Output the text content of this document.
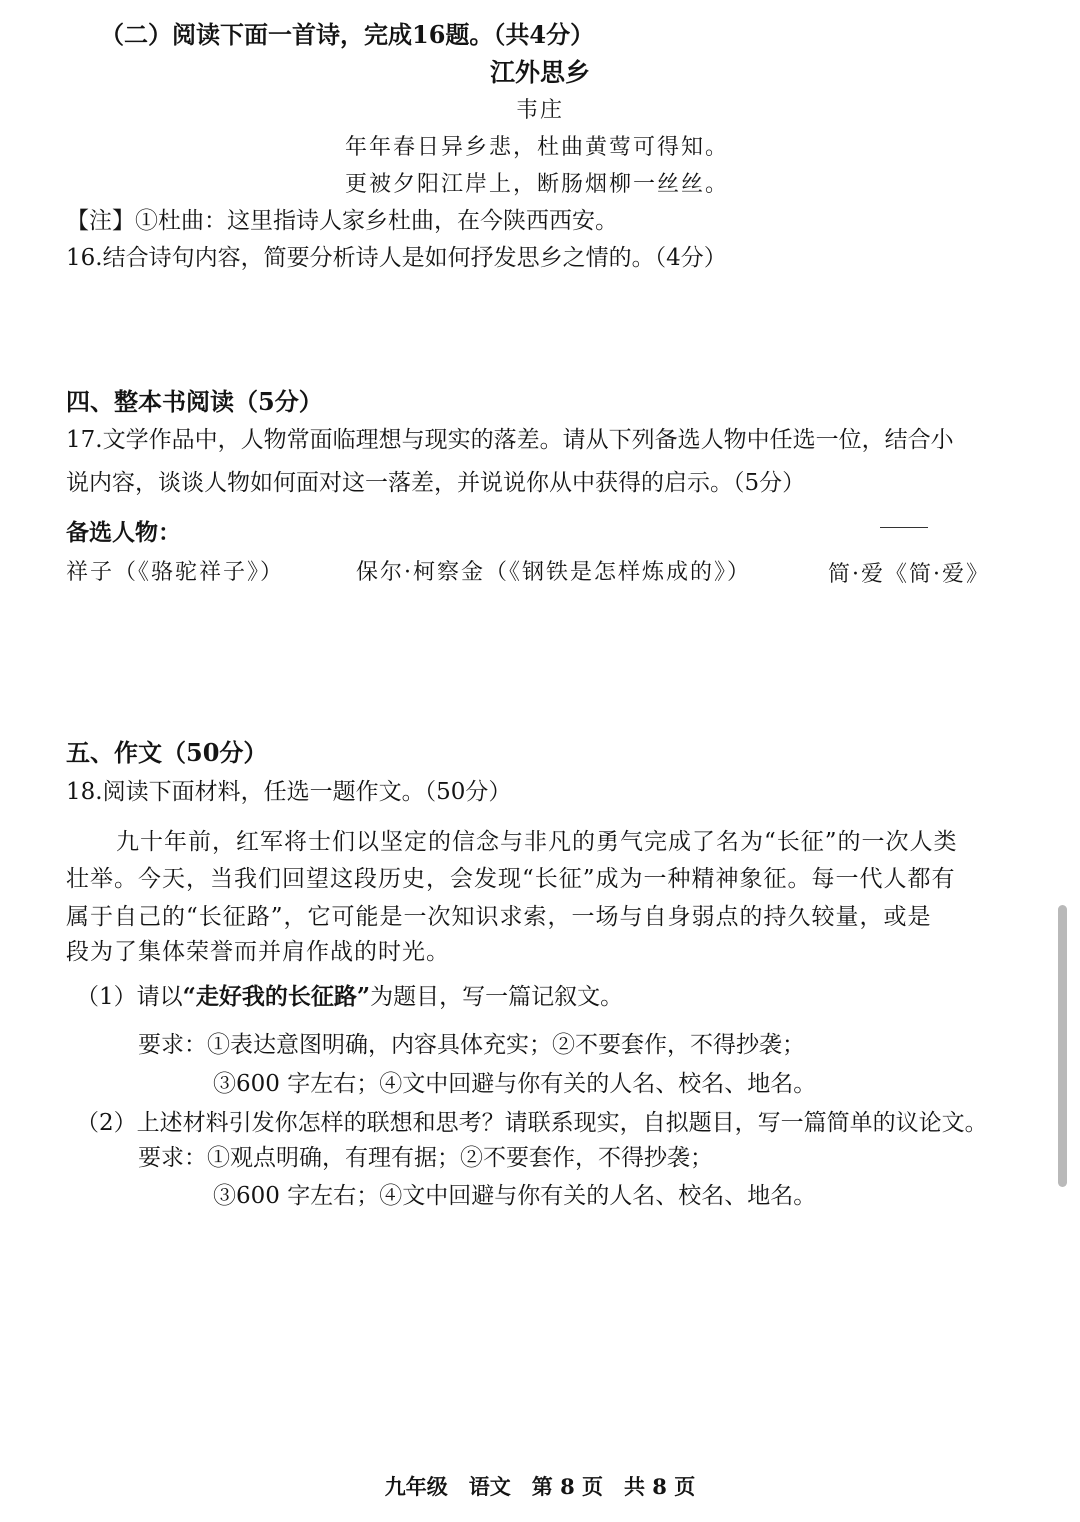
（二）阅读下面一首诗，完成16题。（共4分）
江外思乡
韦庄
年年春日异乡悲，杜曲黄莺可得知。
更被夕阳江岸上，断肠烟柳一丝丝。
【注】①杜曲：这里指诗人家乡杜曲，在今陕西西安。
16.结合诗句内容，简要分析诗人是如何抒发思乡之情的。（4分）
四、整本书阅读（5分）
17.文学作品中，人物常面临理想与现实的落差。请从下列备选人物中任选一位，结合小
说内容，谈谈人物如何面对这一落差，并说说你从中获得的启示。（5分）
备选人物：
祥子（《骆驼祥子》）	保尔·柯察金（《钢铁是怎样炼成的》）	简·爱《简·爱》
五、作文（50分）
18.阅读下面材料，任选一题作文。（50分）
九十年前，红军将士们以坚定的信念与非凡的勇气完成了名为“长征”的一次人类
壮举。今天，当我们回望这段历史，会发现“长征”成为一种精神象征。每一代人都有
属于自己的“长征路”，它可能是一次知识求索，一场与自身弱点的持久较量，或是
段为了集体荣誉而并肩作战的时光。
（1）请以“走好我的长征路”为题目，写一篇记叙文。
要求：①表达意图明确，内容具体充实；②不要套作，不得抄袭；
③600 字左右；④文中回避与你有关的人名、校名、地名。
（2）上述材料引发你怎样的联想和思考？请联系现实，自拟题目，写一篇简单的议论文。
要求：①观点明确，有理有据；②不要套作，不得抄袭；
③600 字左右；④文中回避与你有关的人名、校名、地名。
九年级　语文　第 8 页　共 8 页
